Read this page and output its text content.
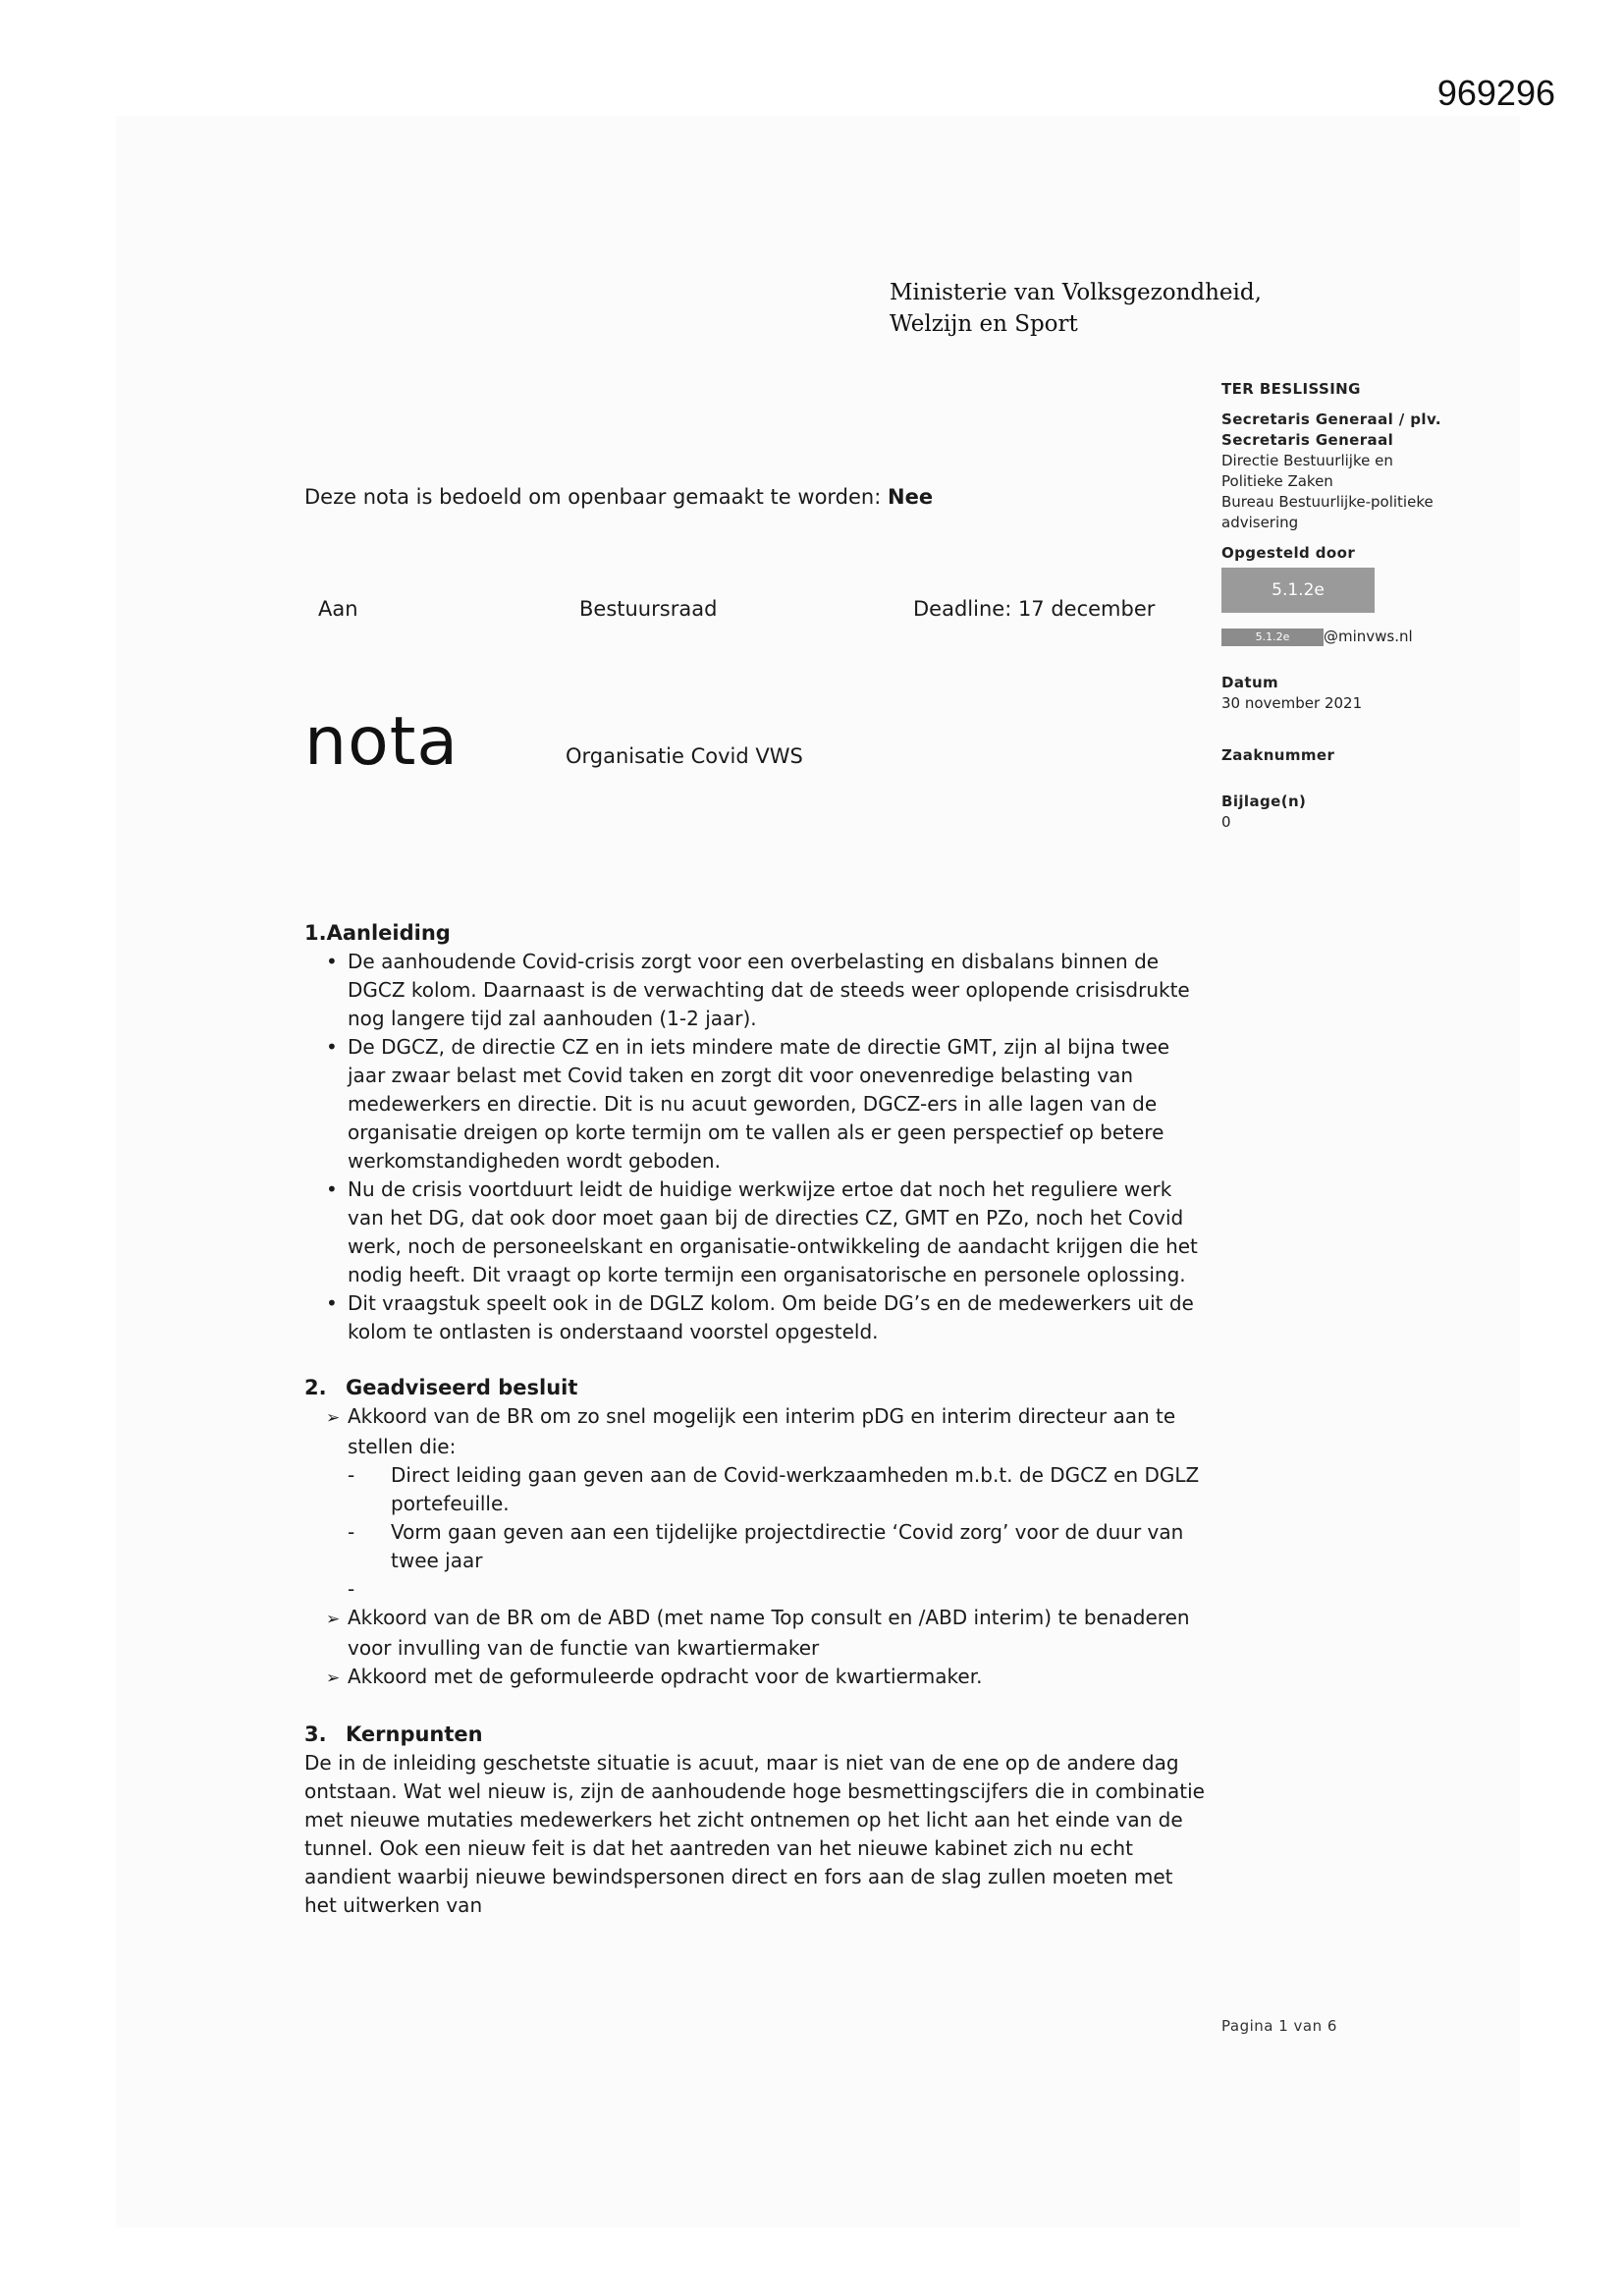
969296
Ministerie van Volksgezondheid,
Welzijn en Sport
TER BESLISSING
Secretaris Generaal / plv.
Secretaris Generaal
Directie Bestuurlijke en
Politieke Zaken
Bureau Bestuurlijke-politieke
advisering
Opgesteld door
5.1.2e
5.1.2e	@minvws.nl
Datum
30 november 2021
Zaaknummer
Bijlage(n)
0
Deze nota is bedoeld om openbaar gemaakt te worden: Nee
Aan	Bestuursraad	Deadline: 17 december
nota	Organisatie Covid VWS
1.Aanleiding
• De aanhoudende Covid-crisis zorgt voor een overbelasting en disbalans binnen de DGCZ kolom. Daarnaast is de verwachting dat de steeds weer oplopende crisisdrukte nog langere tijd zal aanhouden (1-2 jaar).
• De DGCZ, de directie CZ en in iets mindere mate de directie GMT, zijn al bijna twee jaar zwaar belast met Covid taken en zorgt dit voor onevenredige belasting van medewerkers en directie. Dit is nu acuut geworden, DGCZ-ers in alle lagen van de organisatie dreigen op korte termijn om te vallen als er geen perspectief op betere werkomstandigheden wordt geboden.
• Nu de crisis voortduurt leidt de huidige werkwijze ertoe dat noch het reguliere werk van het DG, dat ook door moet gaan bij de directies CZ, GMT en PZo, noch het Covid werk, noch de personeelskant en organisatie-ontwikkeling de aandacht krijgen die het nodig heeft. Dit vraagt op korte termijn een organisatorische en personele oplossing.
• Dit vraagstuk speelt ook in de DGLZ kolom. Om beide DG’s en de medewerkers uit de kolom te ontlasten is onderstaand voorstel opgesteld.
2. Geadviseerd besluit
➢ Akkoord van de BR om zo snel mogelijk een interim pDG en interim directeur aan te stellen die:
- Direct leiding gaan geven aan de Covid-werkzaamheden m.b.t. de DGCZ en DGLZ portefeuille.
- Vorm gaan geven aan een tijdelijke projectdirectie ‘Covid zorg’ voor de duur van twee jaar
-
➢ Akkoord van de BR om de ABD (met name Top consult en /ABD interim) te benaderen voor invulling van de functie van kwartiermaker
➢ Akkoord met de geformuleerde opdracht voor de kwartiermaker.
3. Kernpunten
De in de inleiding geschetste situatie is acuut, maar is niet van de ene op de andere dag ontstaan. Wat wel nieuw is, zijn de aanhoudende hoge besmettingscijfers die in combinatie met nieuwe mutaties medewerkers het zicht ontnemen op het licht aan het einde van de tunnel. Ook een nieuw feit is dat het aantreden van het nieuwe kabinet zich nu echt aandient waarbij nieuwe bewindspersonen direct en fors aan de slag zullen moeten met het uitwerken van
Pagina 1 van 6
